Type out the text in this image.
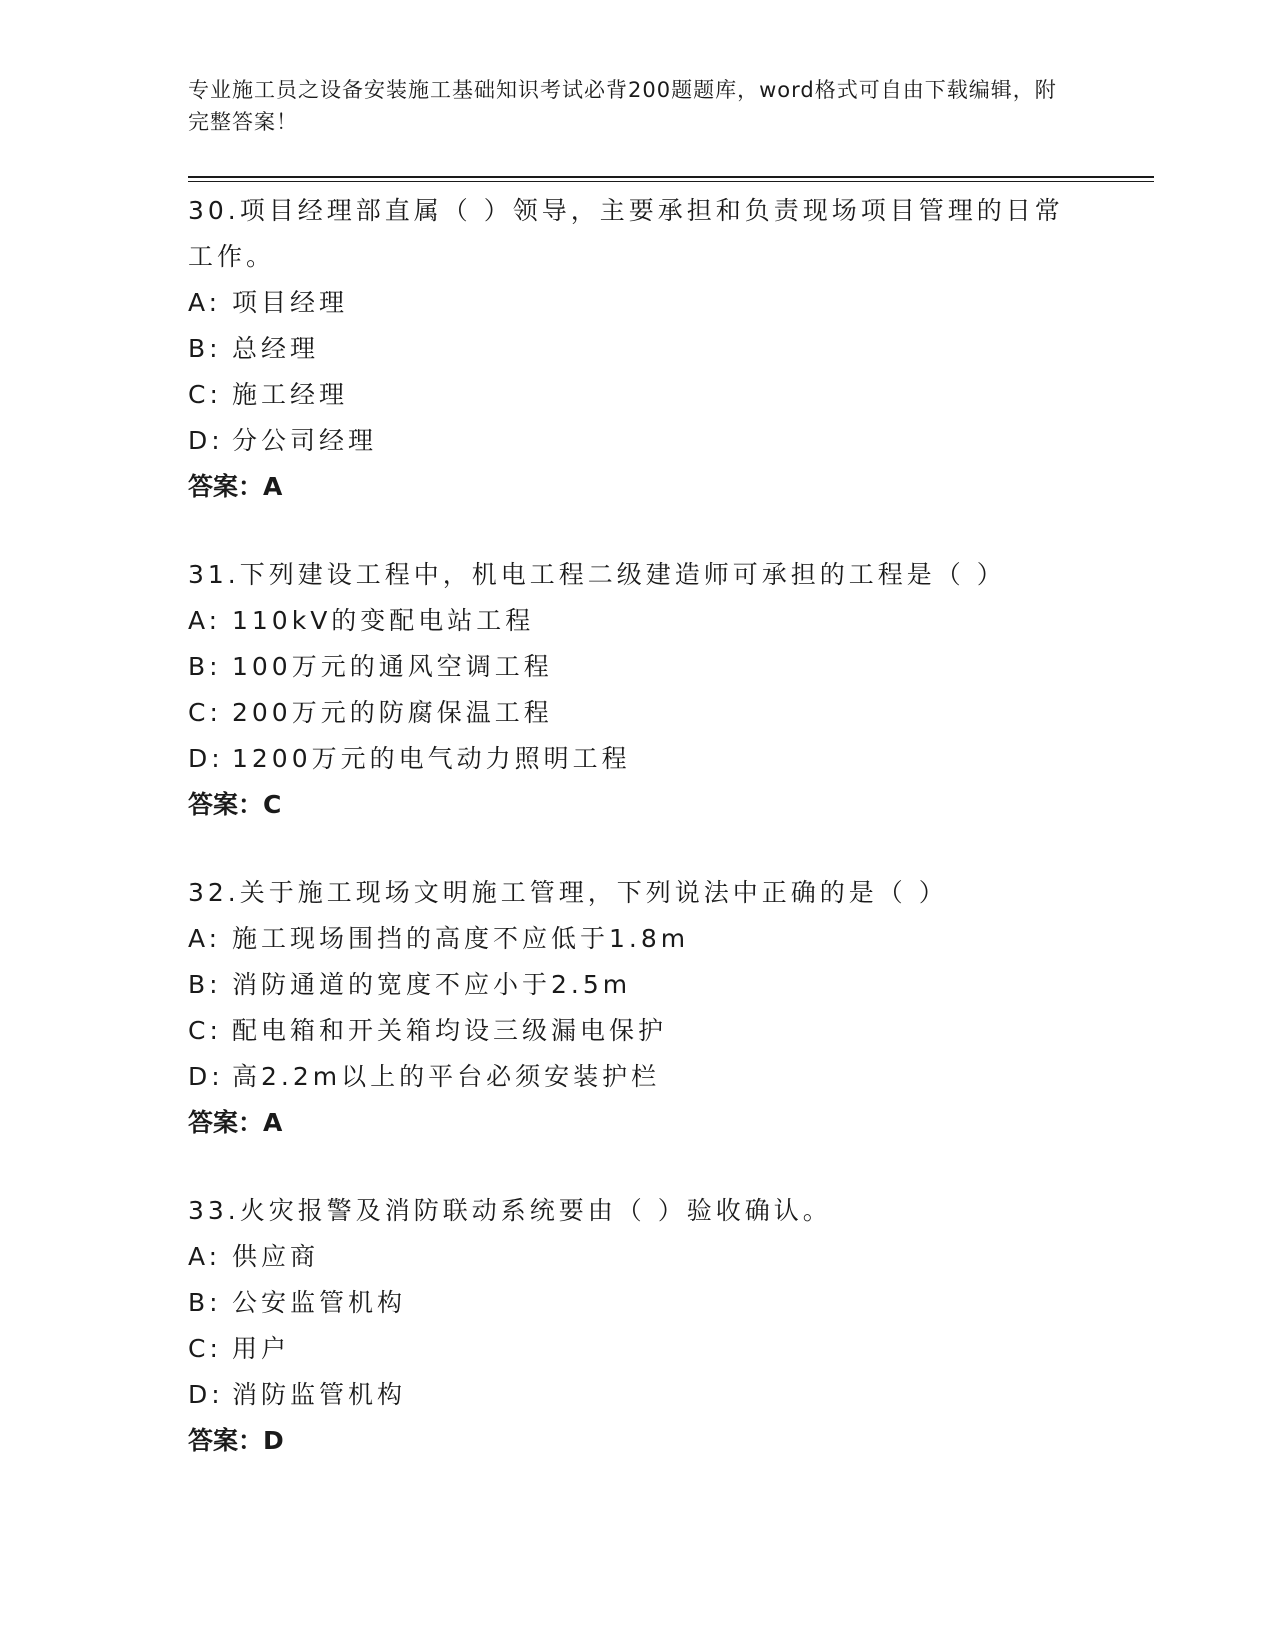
专业施工员之设备安装施工基础知识考试必背200题题库，word格式可自由下载编辑，附完整答案！
30.项目经理部直属（ ）领导，主要承担和负责现场项目管理的日常工作。
A: 项目经理
B: 总经理
C: 施工经理
D: 分公司经理
答案：A
31.下列建设工程中，机电工程二级建造师可承担的工程是（ ）
A: 110kV的变配电站工程
B: 100万元的通风空调工程
C: 200万元的防腐保温工程
D: 1200万元的电气动力照明工程
答案：C
32.关于施工现场文明施工管理，下列说法中正确的是（ ）
A: 施工现场围挡的高度不应低于1.8m
B: 消防通道的宽度不应小于2.5m
C: 配电箱和开关箱均设三级漏电保护
D: 高2.2m以上的平台必须安装护栏
答案：A
33.火灾报警及消防联动系统要由（ ）验收确认。
A: 供应商
B: 公安监管机构
C: 用户
D: 消防监管机构
答案：D
